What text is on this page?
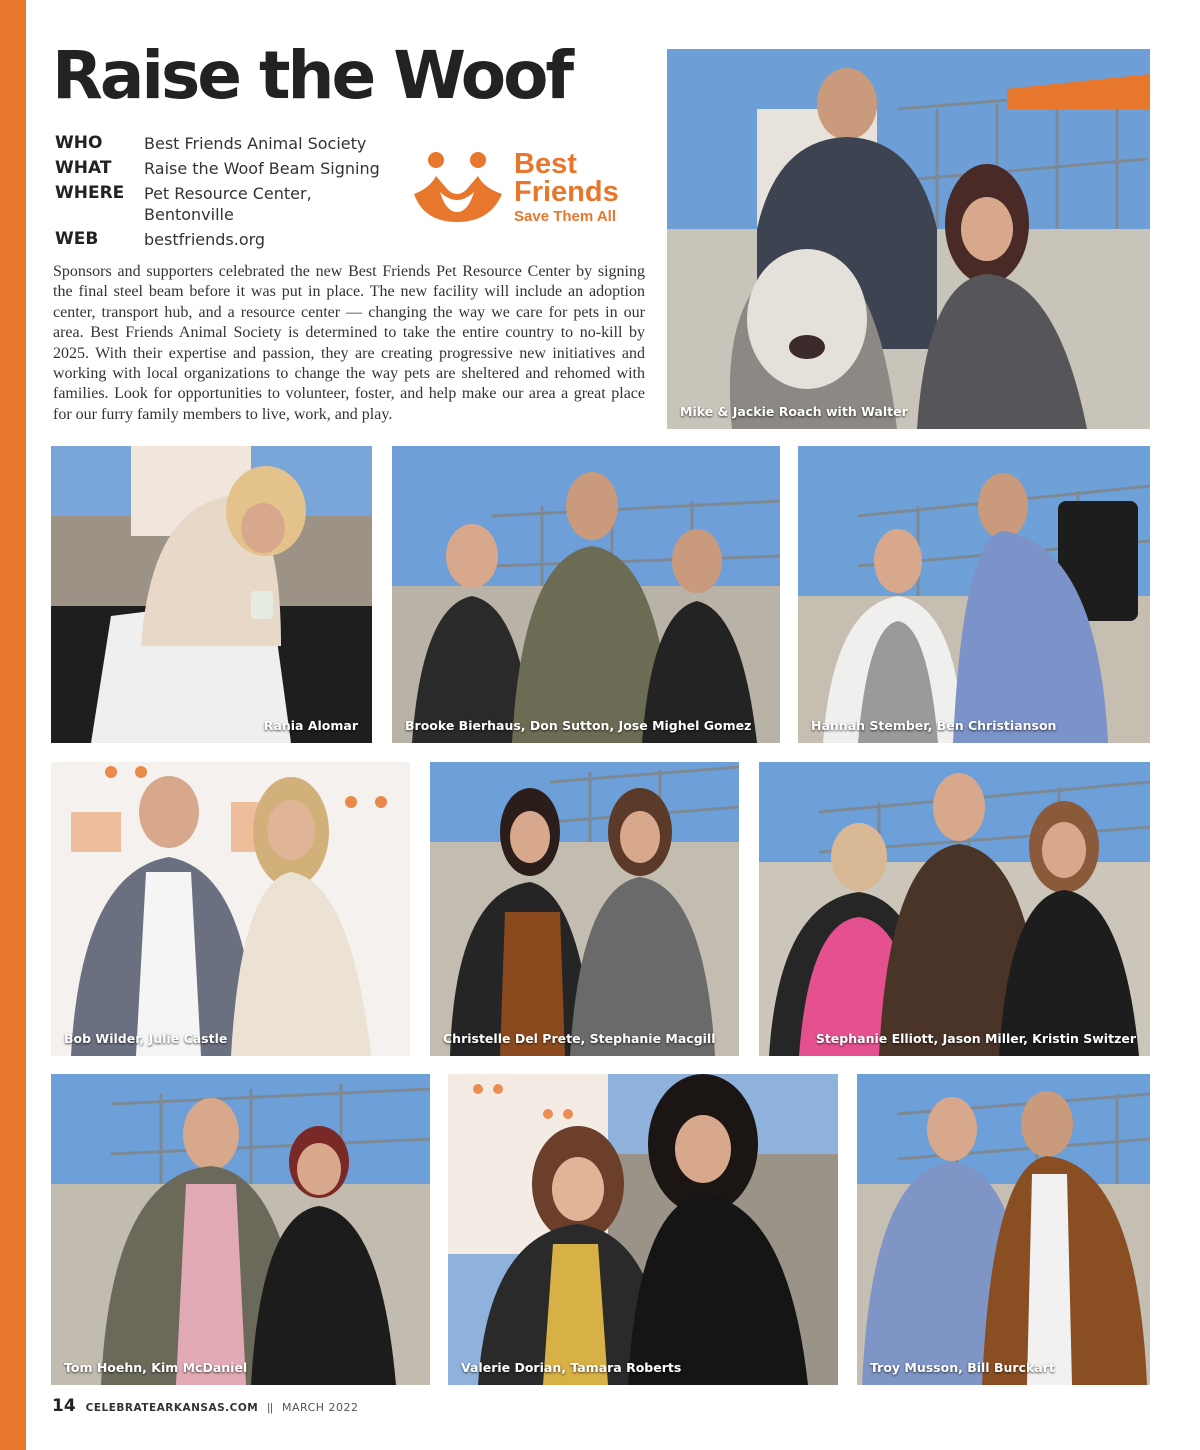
Raise the Woof
WHO	Best Friends Animal Society
WHAT	Raise the Woof Beam Signing
WHERE	Pet Resource Center, Bentonville
WEB	bestfriends.org
Best
Friends
Save Them All

Sponsors and supporters celebrated the new Best Friends Pet Resource Center by signing the final steel beam before it was put in place. The new facility will include an adoption center, transport hub, and a resource center — changing the way we care for pets in our area. Best Friends Animal Society is determined to take the entire country to no-kill by 2025. With their expertise and passion, they are creating progressive new initiatives and working with local organizations to change the way pets are sheltered and rehomed with families. Look for opportunities to volunteer, foster, and help make our area a great place for our furry family members to live, work, and play.	Mike & Jackie Roach with Walter
Rania Alomar	Brooke Bierhaus, Don Sutton, Jose Mighel Gomez	Hannah Stember, Ben Christianson
Bob Wilder, Julie Castle	Christelle Del Prete, Stephanie Macgill	Stephanie Elliott, Jason Miller, Kristin Switzer
Tom Hoehn, Kim McDaniel	Valerie Dorian, Tamara Roberts	Troy Musson, Bill Burckart
14 CELEBRATEARKANSAS.COM || MARCH 2022
